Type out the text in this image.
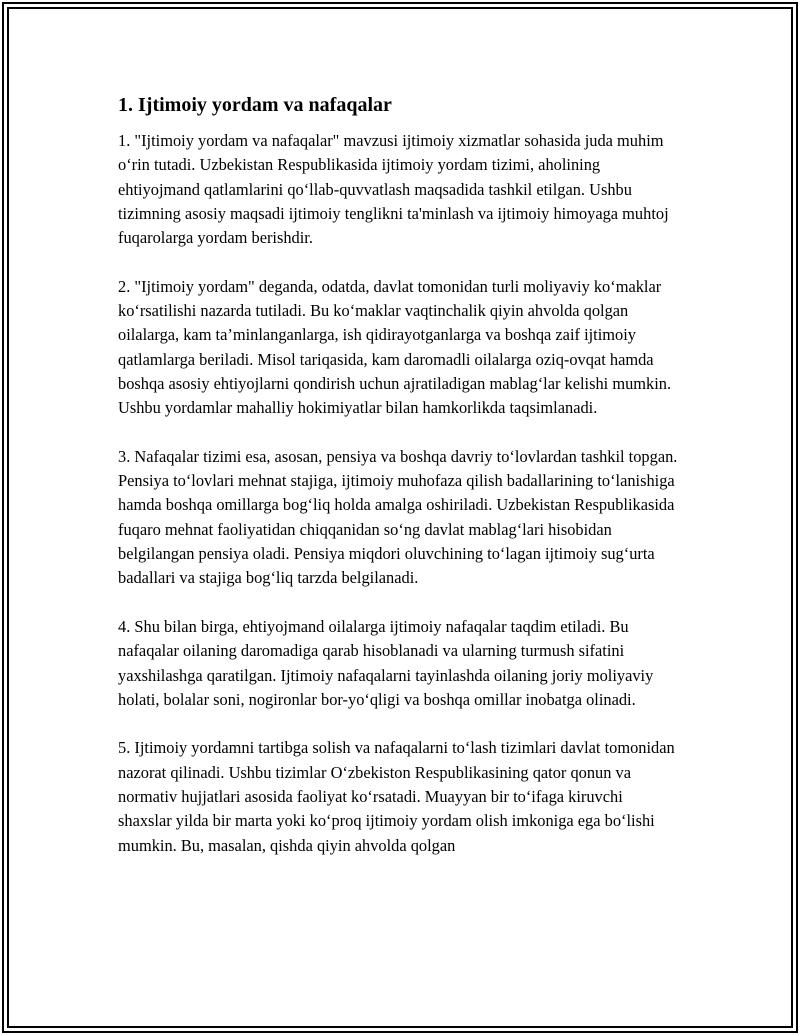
1. Ijtimoiy yordam va nafaqalar

1. "Ijtimoiy yordam va nafaqalar" mavzusi ijtimoiy xizmatlar sohasida juda muhim o‘rin tutadi. Uzbekistan Respublikasida ijtimoiy yordam tizimi, aholining ehtiyojmand qatlamlarini qo‘llab-quvvatlash maqsadida tashkil etilgan. Ushbu tizimning asosiy maqsadi ijtimoiy tenglikni ta'minlash va ijtimoiy himoyaga muhtoj fuqarolarga yordam berishdir.

2. "Ijtimoiy yordam" deganda, odatda, davlat tomonidan turli moliyaviy ko‘maklar ko‘rsatilishi nazarda tutiladi. Bu ko‘maklar vaqtinchalik qiyin ahvolda qolgan oilalarga, kam ta’minlanganlarga, ish qidirayotganlarga va boshqa zaif ijtimoiy qatlamlarga beriladi. Misol tariqasida, kam daromadli oilalarga oziq-ovqat hamda boshqa asosiy ehtiyojlarni qondirish uchun ajratiladigan mablag‘lar kelishi mumkin. Ushbu yordamlar mahalliy hokimiyatlar bilan hamkorlikda taqsimlanadi.

3. Nafaqalar tizimi esa, asosan, pensiya va boshqa davriy to‘lovlardan tashkil topgan. Pensiya to‘lovlari mehnat stajiga, ijtimoiy muhofaza qilish badallarining to‘lanishiga hamda boshqa omillarga bog‘liq holda amalga oshiriladi. Uzbekistan Respublikasida fuqaro mehnat faoliyatidan chiqqanidan so‘ng davlat mablag‘lari hisobidan belgilangan pensiya oladi. Pensiya miqdori oluvchining to‘lagan ijtimoiy sug‘urta badallari va stajiga bog‘liq tarzda belgilanadi.

4. Shu bilan birga, ehtiyojmand oilalarga ijtimoiy nafaqalar taqdim etiladi. Bu nafaqalar oilaning daromadiga qarab hisoblanadi va ularning turmush sifatini yaxshilashga qaratilgan. Ijtimoiy nafaqalarni tayinlashda oilaning joriy moliyaviy holati, bolalar soni, nogironlar bor-yo‘qligi va boshqa omillar inobatga olinadi.

5. Ijtimoiy yordamni tartibga solish va nafaqalarni to‘lash tizimlari davlat tomonidan nazorat qilinadi. Ushbu tizimlar O‘zbekiston Respublikasining qator qonun va normativ hujjatlari asosida faoliyat ko‘rsatadi. Muayyan bir to‘ifaga kiruvchi shaxslar yilda bir marta yoki ko‘proq ijtimoiy yordam olish imkoniga ega bo‘lishi mumkin. Bu, masalan, qishda qiyin ahvolda qolgan
